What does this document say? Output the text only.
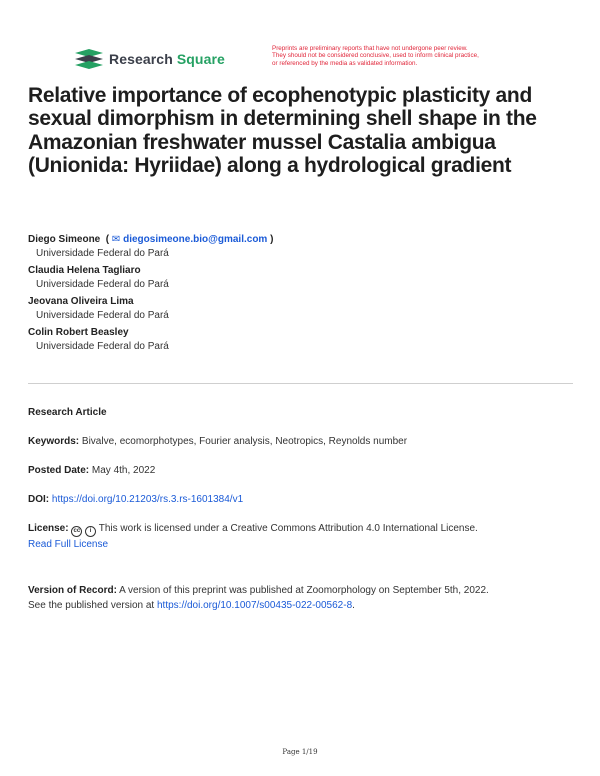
Research Square
Preprints are preliminary reports that have not undergone peer review.
They should not be considered conclusive, used to inform clinical practice,
or referenced by the media as validated information.
Relative importance of ecophenotypic plasticity and sexual dimorphism in determining shell shape in the Amazonian freshwater mussel Castalia ambigua (Unionida: Hyriidae) along a hydrological gradient
Diego Simeone  ( ✉ diegosimeone.bio@gmail.com )
Universidade Federal do Pará
Claudia Helena Tagliaro
Universidade Federal do Pará
Jeovana Oliveira Lima
Universidade Federal do Pará
Colin Robert Beasley
Universidade Federal do Pará
Research Article
Keywords: Bivalve, ecomorphotypes, Fourier analysis, Neotropics, Reynolds number
Posted Date: May 4th, 2022
DOI: https://doi.org/10.21203/rs.3.rs-1601384/v1
License: cc i This work is licensed under a Creative Commons Attribution 4.0 International License.
Read Full License
Version of Record: A version of this preprint was published at Zoomorphology on September 5th, 2022.
See the published version at https://doi.org/10.1007/s00435-022-00562-8.
Page 1/19
